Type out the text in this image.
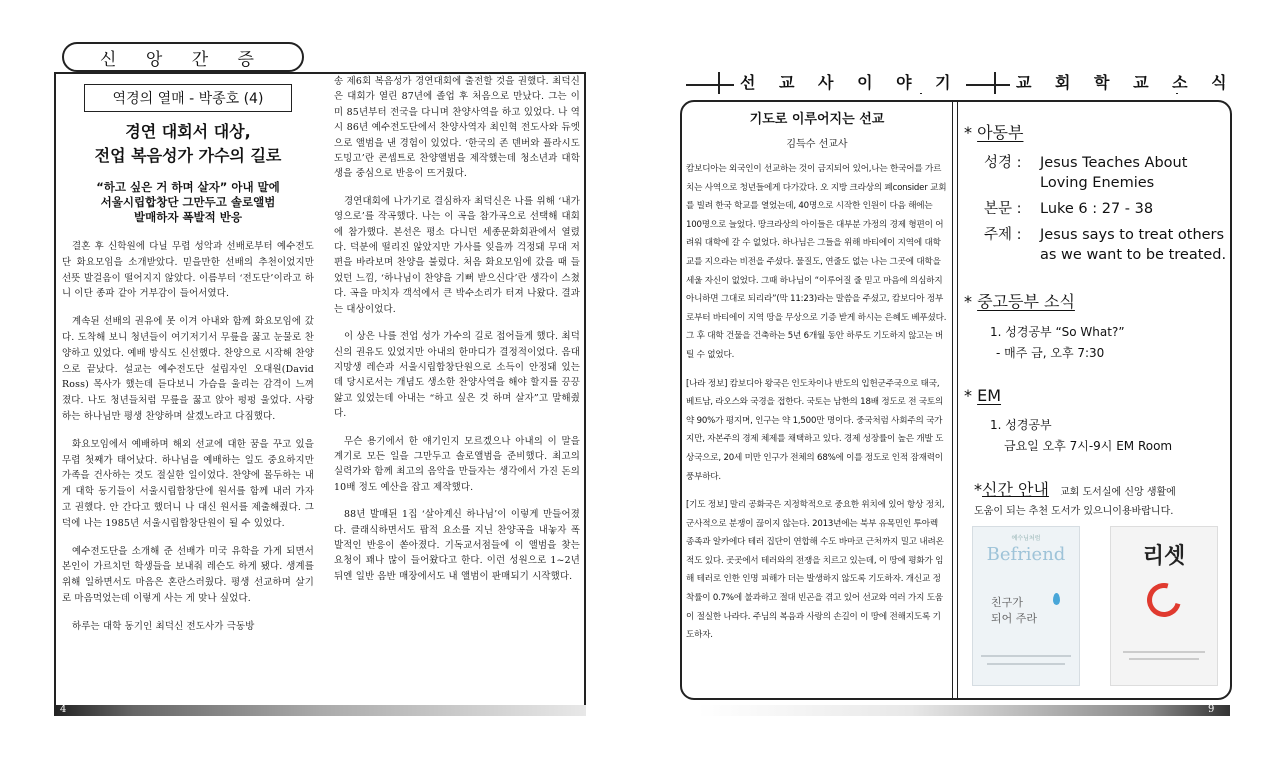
신 앙 간 증
역경의 열매 - 박종호 (4)
경연 대회서 대상,
전업 복음성가 가수의 길로
“하고 싶은 거 하며 살자” 아내 말에
서울시립합창단 그만두고 솔로앨범
발매하자 폭발적 반응

결혼 후 신학원에 다닐 무렵 성악과 선배로부터 예수전도단 화요모임을 소개받았다. 믿을만한 선배의 추천이었지만 선뜻 발걸음이 떨어지지 않았다. 이름부터 ‘전도단’이라고 하니 이단 종파 같아 거부감이 들어서였다.

계속된 선배의 권유에 못 이겨 아내와 함께 화요모임에 갔다. 도착해 보니 청년들이 여기저기서 무릎을 꿇고 눈물로 찬양하고 있었다. 예배 방식도 신선했다. 찬양으로 시작해 찬양으로 끝났다. 설교는 예수전도단 설립자인 오대원(David Ross) 목사가 했는데 듣다보니 가슴을 울리는 감격이 느껴졌다. 나도 청년들처럼 무릎을 꿇고 앉아 펑펑 울었다. 사랑하는 하나님만 평생 찬양하며 살겠노라고 다짐했다.

화요모임에서 예배하며 해외 선교에 대한 꿈을 꾸고 있을 무렵 첫째가 태어났다. 하나님을 예배하는 일도 중요하지만 가족을 건사하는 것도 절실한 일이었다. 찬양에 몰두하는 내게 대학 동기들이 서울시립합창단에 원서를 함께 내러 가자고 권했다. 안 간다고 했더니 나 대신 원서를 제출해줬다. 그 덕에 나는 1985년 서울시립합창단원이 될 수 있었다.

예수전도단을 소개해 준 선배가 미국 유학을 가게 되면서 본인이 가르치던 학생들을 보내줘 레슨도 하게 됐다. 생계를 위해 일하면서도 마음은 혼란스러웠다. 평생 선교하며 살기로 마음먹었는데 이렇게 사는 게 맞나 싶었다.

하루는 대학 동기인 최덕신 전도사가 극동방

송 제6회 복음성가 경연대회에 출전할 것을 권했다. 최덕신은 대회가 열린 87년에 졸업 후 처음으로 만났다. 그는 이미 85년부터 전국을 다니며 찬양사역을 하고 있었다. 나 역시 86년 예수전도단에서 찬양사역자 최인혁 전도사와 듀엣으로 앨범을 낸 경험이 있었다. ‘한국의 존 덴버와 플라시도 도밍고’란 콘셉트로 찬양앨범을 제작했는데 청소년과 대학생을 중심으로 반응이 뜨거웠다.

경연대회에 나가기로 결심하자 최덕신은 나를 위해 ‘내가 영으로’를 작곡했다. 나는 이 곡을 참가곡으로 선택해 대회에 참가했다. 본선은 평소 다니던 세종문화회관에서 열렸다. 덕분에 떨리진 않았지만 가사를 잊을까 걱정돼 무대 저편을 바라보며 찬양을 불렀다. 처음 화요모임에 갔을 때 들었던 느낌, ‘하나님이 찬양을 기뻐 받으신다’란 생각이 스쳤다. 곡을 마치자 객석에서 큰 박수소리가 터져 나왔다. 결과는 대상이었다.

이 상은 나를 전업 성가 가수의 길로 접어들게 했다. 최덕신의 권유도 있었지만 아내의 한마디가 결정적이었다. 음대 지망생 레슨과 서울시립합창단원으로 소득이 안정돼 있는데 당시로서는 개념도 생소한 찬양사역을 해야 할지를 끙끙 앓고 있었는데 아내는 “하고 싶은 것 하며 살자”고 말해줬다.

무슨 용기에서 한 얘기인지 모르겠으나 아내의 이 말을 계기로 모든 일을 그만두고 솔로앨범을 준비했다. 최고의 실력가와 함께 최고의 음악을 만들자는 생각에서 가진 돈의 10배 정도 예산을 잡고 제작했다.

88년 발매된 1집 ‘살아계신 하나님’이 이렇게 만들어졌다. 클래식하면서도 팝적 요소를 지닌 찬양곡을 내놓자 폭발적인 반응이 쏟아졌다. 기독교서점들에 이 앨범을 찾는 요청이 꽤나 많이 들어왔다고 한다. 이런 성원으로 1~2년 뒤엔 일반 음반 매장에서도 내 앨범이 판매되기 시작했다.

4
선 교 사 이 야 기	교 회 학 교 소 식
기도로 이루어지는 선교
김득수 선교사

캄보디아는 외국인이 선교하는 것이 금지되어 있어,나는 한국어를 가르치는 사역으로 청년들에게 다가갔다. 오 지방 크라상의 폐consider 교회를 빌려 한국 학교를 열었는데, 40명으로 시작한 인원이 다음 해에는 100명으로 늘었다. 땅크라상의 아이들은 대부분 가정의 경제 형편이 어려워 대학에 갈 수 없었다. 하나님은 그들을 위해 바티에이 지역에 대학교를 지으라는 비전을 주셨다. 물질도, 연줄도 없는 나는 그곳에 대학을 세울 자신이 없었다. 그때 하나님이 “이루어질 줄 믿고 마음에 의심하지 아니하면 그대로 되리라”(막 11:23)라는 말씀을 주셨고, 캄보디아 정부로부터 바티에이 지역 땅을 무상으로 기증 받게 하시는 은혜도 베푸셨다. 그 후 대학 건물을 건축하는 5년 6개월 동안 하루도 기도하지 않고는 버틸 수 없었다.

[나라 정보] 캄보디아 왕국은 인도차이나 반도의 입헌군주국으로 태국, 베트남, 라오스와 국경을 접한다. 국토는 남한의 18배 정도로 전 국토의 약 90%가 평지며, 인구는 약 1,500만 명이다. 중국처럼 사회주의 국가지만, 자본주의 경제 체제를 채택하고 있다. 경제 성장률이 높은 개발 도상국으로, 20세 미만 인구가 전체의 68%에 이를 정도로 인적 잠재력이 풍부하다.

[기도 정보] 말리 공화국은 지정학적으로 중요한 위치에 있어 항상 정치, 군사적으로 분쟁이 끊이지 않는다. 2013년에는 북부 유목민인 투아렉 종족과 알카에다 테러 집단이 연합해 수도 바마코 근처까지 밀고 내려온 적도 있다. 곳곳에서 테러와의 전쟁을 치르고 있는데, 이 땅에 평화가 임해 테러로 인한 인명 피해가 더는 발생하지 않도록 기도하자. 개신교 정착률이 0.7%에 불과하고 절대 빈곤을 겪고 있어 선교와 여러 가지 도움이 절실한 나라다. 주님의 복음과 사랑의 손길이 이 땅에 전해지도록 기도하자.

* 아동부
성경 :	Jesus Teaches About
Loving Enemies
본문 :	Luke 6 : 27 - 38
주제 :	Jesus says to treat others
as we want to be treated.
* 중고등부 소식
1. 성경공부 “So What?”
- 매주 금, 오후 7:30
* EM
1. 성경공부
금요일 오후 7시-9시 EM Room
*신간 안내 교회 도서실에 신앙 생활에
도움이 되는 추천 도서가 있으니이용바랍니다.
예수님처럼
Befriend
친구가
되어 주라
리셋
9
